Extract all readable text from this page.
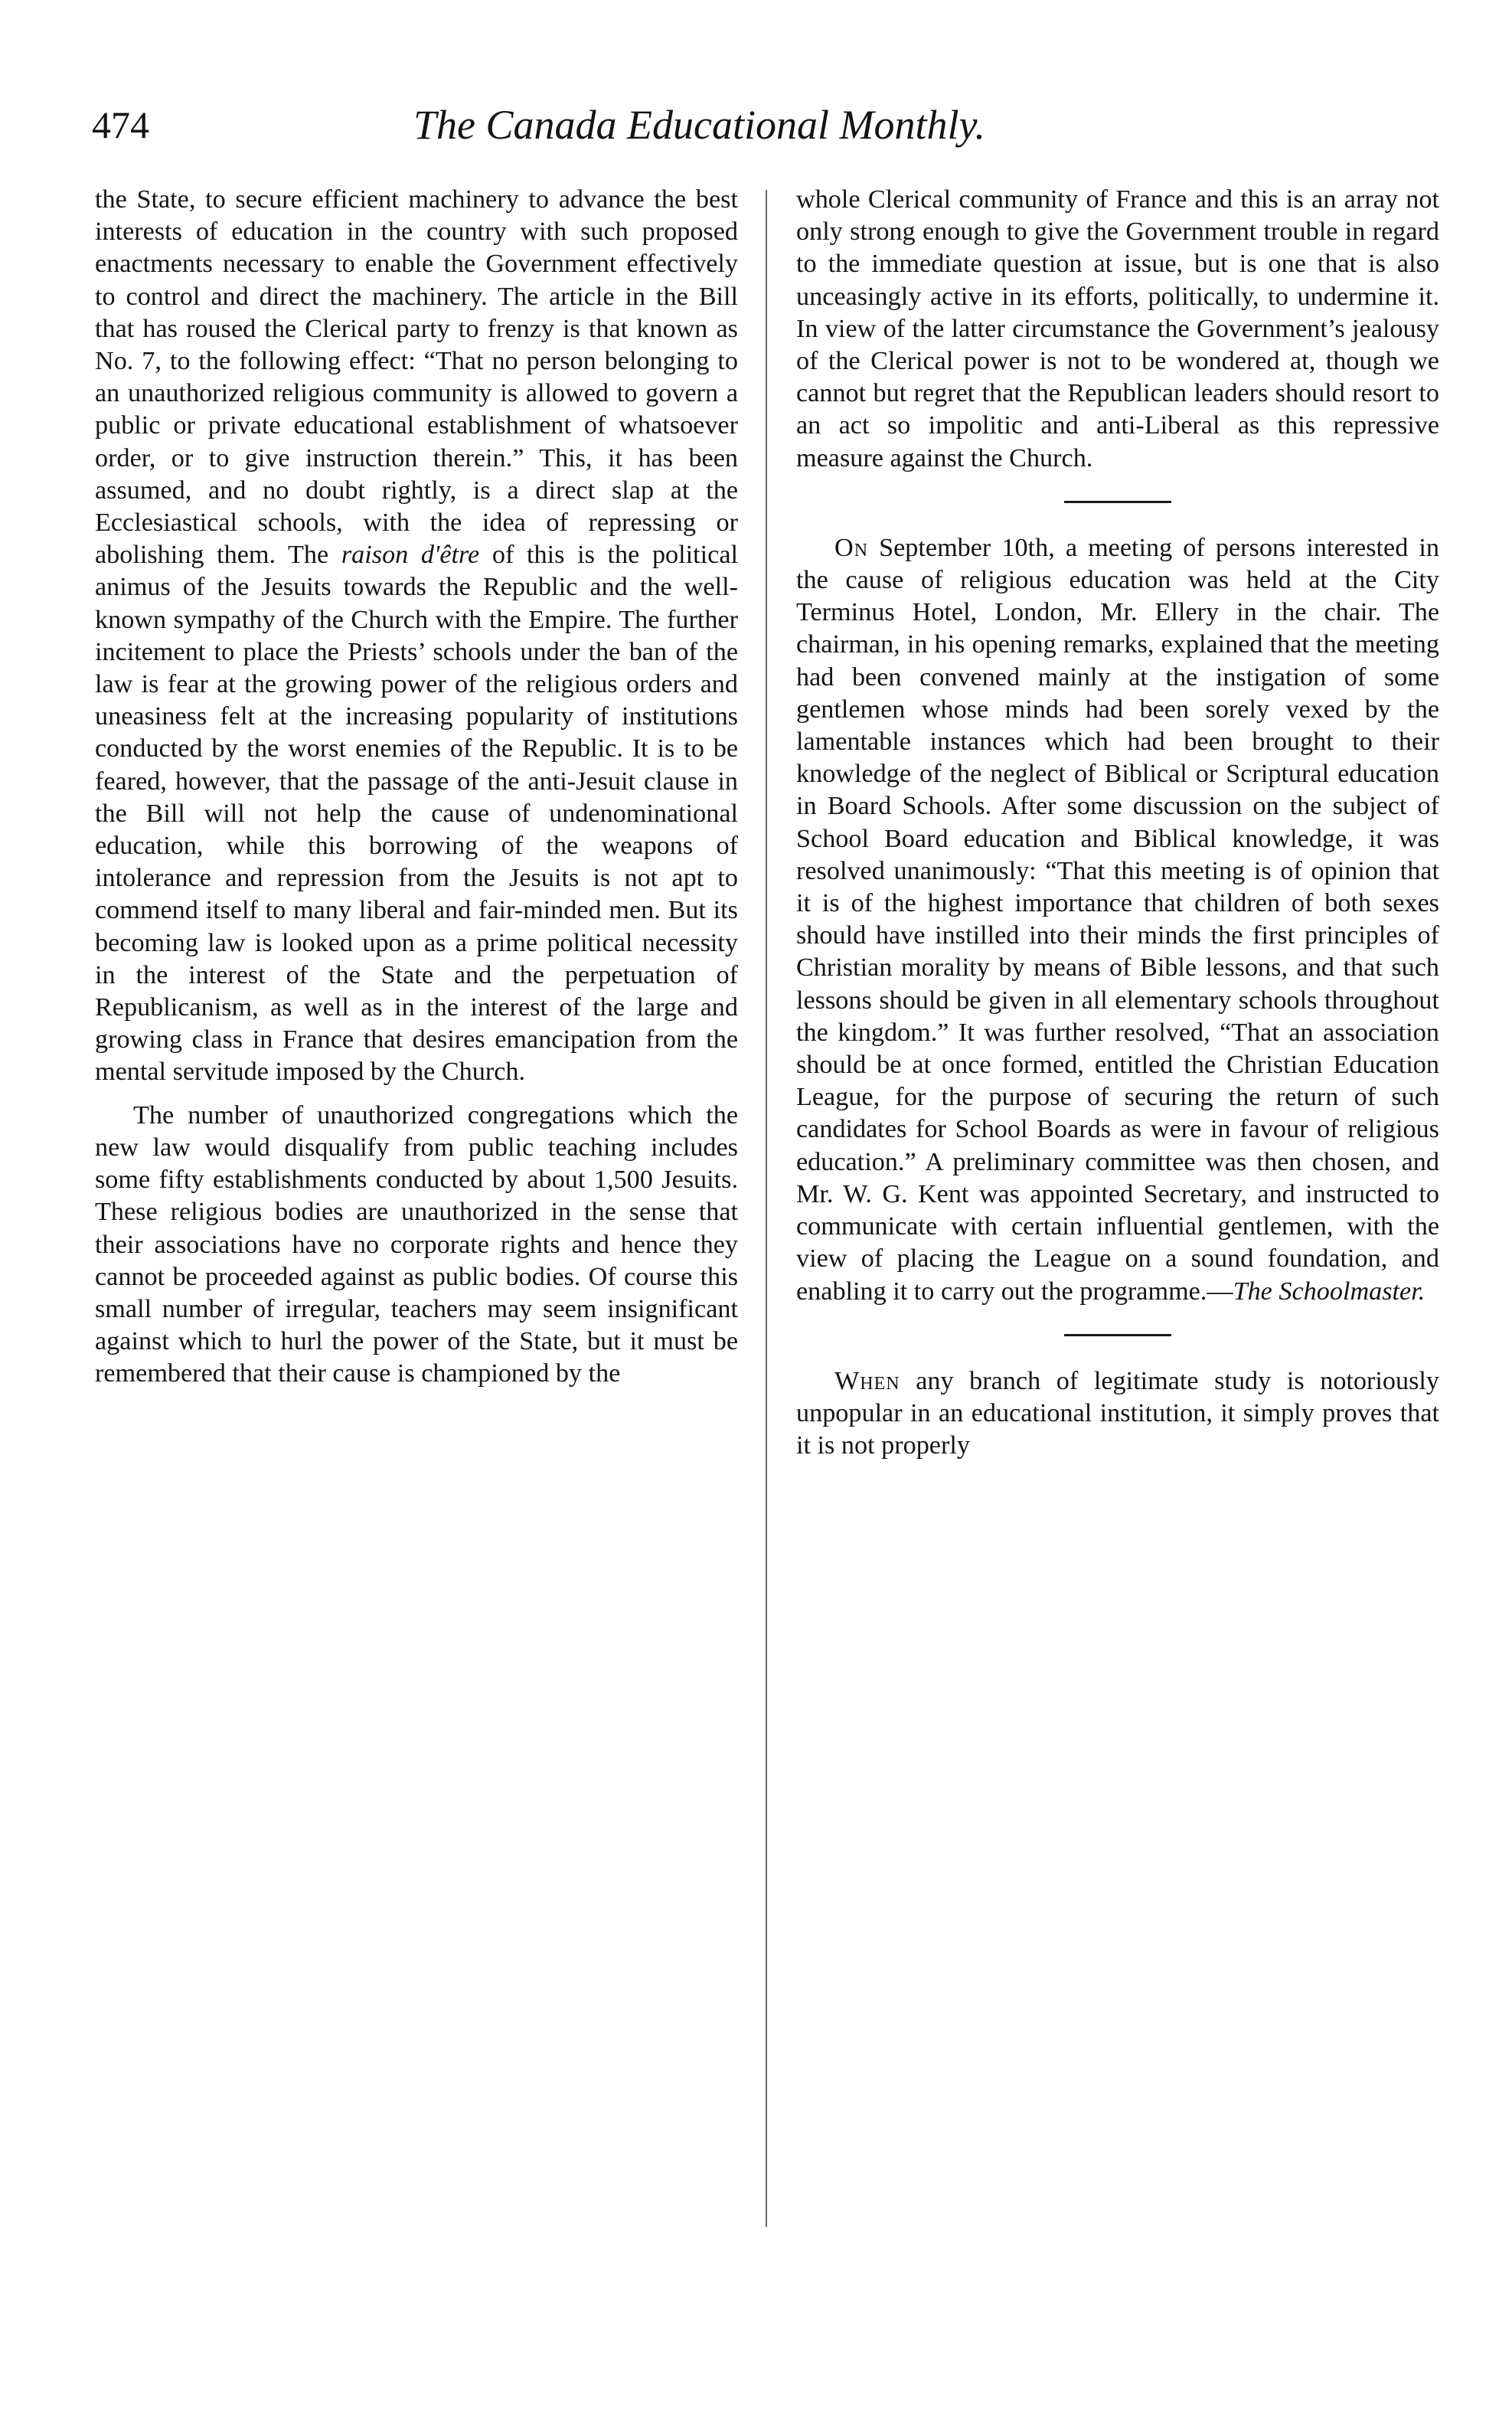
474	The Canada Educational Monthly.

the State, to secure efficient machinery to advance the best interests of education in the country with such proposed enactments necessary to enable the Government effectively to control and direct the machinery. The article in the Bill that has roused the Clerical party to frenzy is that known as No. 7, to the following effect: “That no person belonging to an unauthorized religious community is allowed to govern a public or private educational establishment of whatsoever order, or to give instruction therein.” This, it has been assumed, and no doubt rightly, is a direct slap at the Ecclesiastical schools, with the idea of repressing or abolishing them. The raison d'être of this is the political animus of the Jesuits towards the Republic and the well-known sympathy of the Church with the Empire. The further incitement to place the Priests’ schools under the ban of the law is fear at the growing power of the religious orders and uneasiness felt at the increasing popularity of institutions conducted by the worst enemies of the Republic. It is to be feared, however, that the passage of the anti-Jesuit clause in the Bill will not help the cause of undenominational education, while this borrowing of the weapons of intolerance and repression from the Jesuits is not apt to commend itself to many liberal and fair-minded men. But its becoming law is looked upon as a prime political necessity in the interest of the State and the perpetuation of Republicanism, as well as in the interest of the large and growing class in France that desires emancipation from the mental servitude imposed by the Church.

The number of unauthorized congregations which the new law would disqualify from public teaching includes some fifty establishments conducted by about 1,500 Jesuits. These religious bodies are unauthorized in the sense that their associations have no corporate rights and hence they cannot be proceeded against as public bodies. Of course this small number of irregular, teachers may seem insignificant against which to hurl the power of the State, but it must be remembered that their cause is championed by the

whole Clerical community of France and this is an array not only strong enough to give the Government trouble in regard to the immediate question at issue, but is one that is also unceasingly active in its efforts, politically, to undermine it. In view of the latter circumstance the Government’s jealousy of the Clerical power is not to be wondered at, though we cannot but regret that the Republican leaders should resort to an act so impolitic and anti-Liberal as this repressive measure against the Church.

On September 10th, a meeting of persons interested in the cause of religious education was held at the City Terminus Hotel, London, Mr. Ellery in the chair. The chairman, in his opening remarks, explained that the meeting had been convened mainly at the instigation of some gentlemen whose minds had been sorely vexed by the lamentable instances which had been brought to their knowledge of the neglect of Biblical or Scriptural education in Board Schools. After some discussion on the subject of School Board education and Biblical knowledge, it was resolved unanimously: “That this meeting is of opinion that it is of the highest importance that children of both sexes should have instilled into their minds the first principles of Christian morality by means of Bible lessons, and that such lessons should be given in all elementary schools throughout the kingdom.” It was further resolved, “That an association should be at once formed, entitled the Christian Education League, for the purpose of securing the return of such candidates for School Boards as were in favour of religious education.” A preliminary committee was then chosen, and Mr. W. G. Kent was appointed Secretary, and instructed to communicate with certain influential gentlemen, with the view of placing the League on a sound foundation, and enabling it to carry out the programme.—The Schoolmaster.

When any branch of legitimate study is notoriously unpopular in an educational institution, it simply proves that it is not properly
